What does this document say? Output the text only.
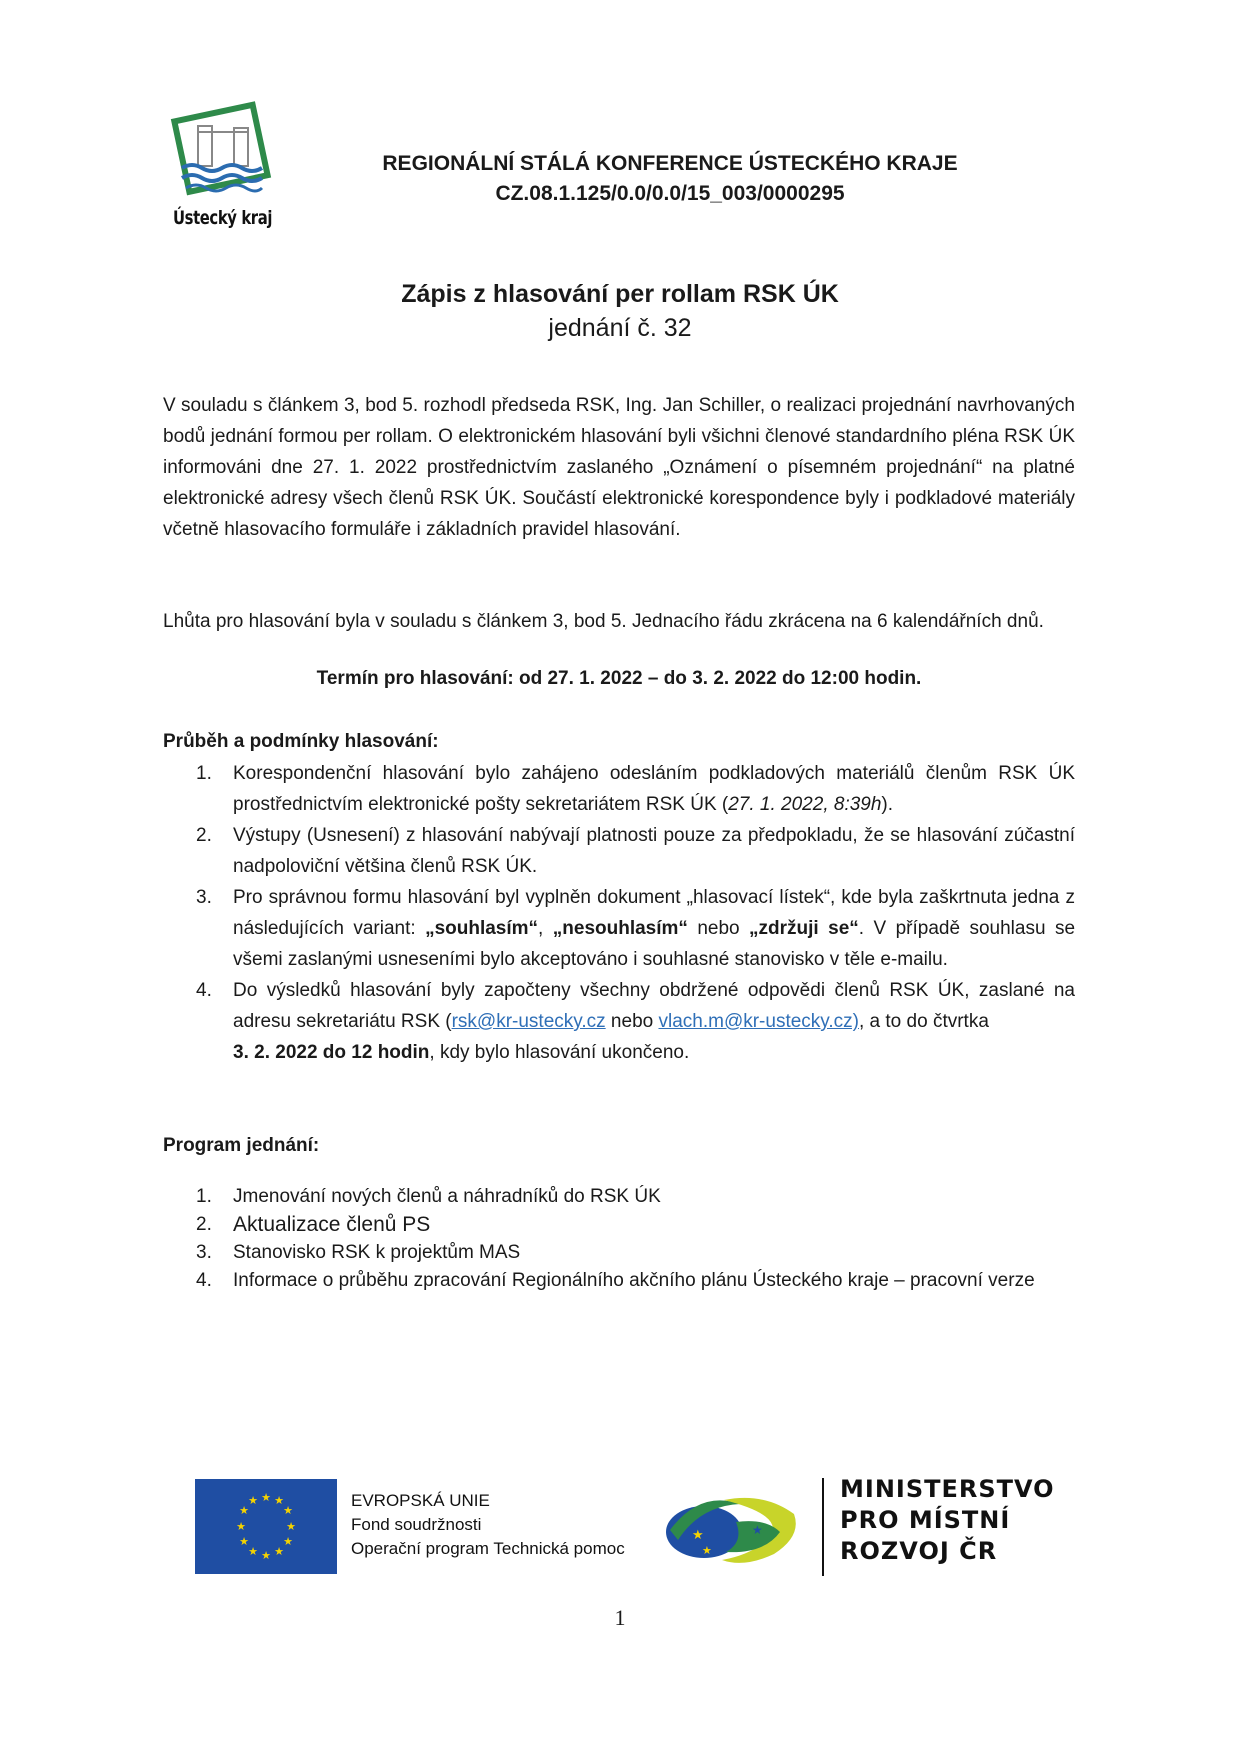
Ústecký kraj
REGIONÁLNÍ STÁLÁ KONFERENCE ÚSTECKÉHO KRAJE
CZ.08.1.125/0.0/0.0/15_003/0000295
Zápis z hlasování per rollam RSK ÚK
jednání č. 32
V souladu s článkem 3, bod 5. rozhodl předseda RSK, Ing. Jan Schiller, o realizaci projednání navrhovaných bodů jednání formou per rollam. O elektronickém hlasování byli všichni členové standardního pléna RSK ÚK informováni dne 27. 1. 2022 prostřednictvím zaslaného „Oznámení o písemném projednání“ na platné elektronické adresy všech členů RSK ÚK. Součástí elektronické korespondence byly i podkladové materiály včetně hlasovacího formuláře i základních pravidel hlasování.
Lhůta pro hlasování byla v souladu s článkem 3, bod 5. Jednacího řádu zkrácena na 6 kalendářních dnů.
Termín pro hlasování: od 27. 1. 2022 – do 3. 2. 2022 do 12:00 hodin.
Průběh a podmínky hlasování:
1. Korespondenční hlasování bylo zahájeno odesláním podkladových materiálů členům RSK ÚK prostřednictvím elektronické pošty sekretariátem RSK ÚK (27. 1. 2022, 8:39h).
2. Výstupy (Usnesení) z hlasování nabývají platnosti pouze za předpokladu, že se hlasování zúčastní nadpoloviční většina členů RSK ÚK.
3. Pro správnou formu hlasování byl vyplněn dokument „hlasovací lístek“, kde byla zaškrtnuta jedna z následujících variant: „souhlasím“, „nesouhlasím“ nebo „zdržuji se“. V případě souhlasu se všemi zaslanými usneseními bylo akceptováno i souhlasné stanovisko v těle e-mailu.
4. Do výsledků hlasování byly započteny všechny obdržené odpovědi členů RSK ÚK, zaslané na adresu sekretariátu RSK (rsk@kr-ustecky.cz nebo vlach.m@kr-ustecky.cz), a to do čtvrtka
3. 2. 2022 do 12 hodin, kdy bylo hlasování ukončeno.
Program jednání:
1. Jmenování nových členů a náhradníků do RSK ÚK
2. Aktualizace členů PS
3. Stanovisko RSK k projektům MAS
4. Informace o průběhu zpracování Regionálního akčního plánu Ústeckého kraje – pracovní verze
★ ★
★
★
★
★
★
★
★
★
★
★	EVROPSKÁ UNIE
Fond soudržnosti
Operační program Technická pomoc
★
★
★
MINISTERSTVO
PRO MÍSTNÍ
ROZVOJ ČR
1
